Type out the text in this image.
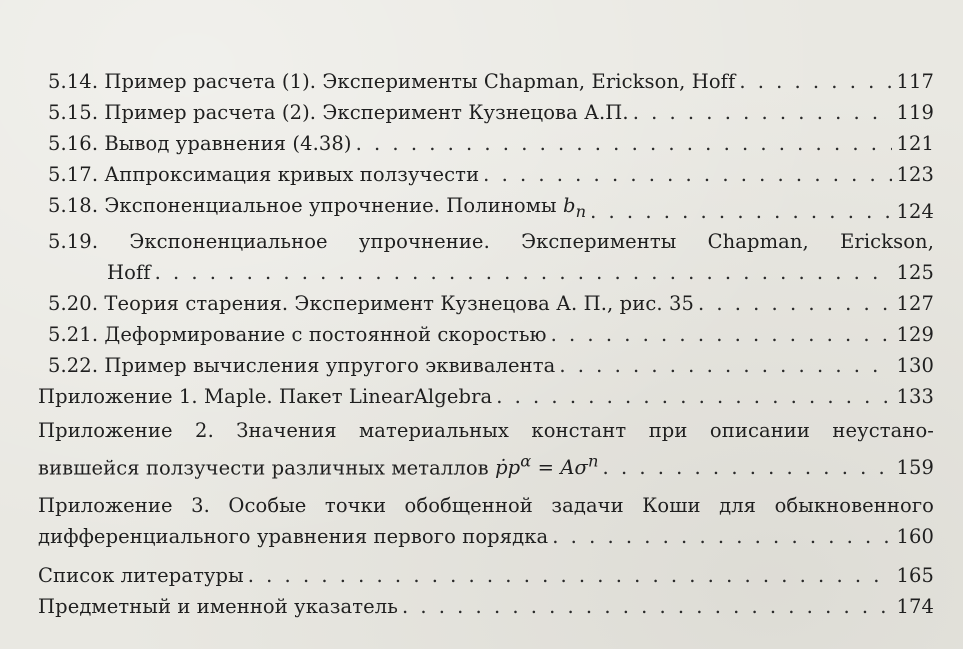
5.14. Пример расчета (1). Эксперименты Chapman, Erickson, Hoff . . .	117
5.15. Пример расчета (2). Эксперимент Кузнецова А.П. . . .	119
5.16. Вывод уравнения (4.38) . . .	121
5.17. Аппроксимация кривых ползучести . . .	123
5.18. Экспоненциальное упрочнение. Полиномы $b_n$ . . .	124
5.19. Экспоненциальное упрочнение. Эксперименты Chapman, Erickson,
Hoff . . .	125
5.20. Теория старения. Эксперимент Кузнецова А. П., рис. 35 . . .	127
5.21. Деформирование с постоянной скоростью . . .	129
5.22. Пример вычисления упругого эквивалента . . .	130
Приложение 1. Maple. Пакет LinearAlgebra . . .	133
Приложение 2. Значения материальных констант при описании неустано-
вившейся ползучести различных металлов ṗp$^\alpha$ = $A\sigma^n$ . . .	159
Приложение 3. Особые точки обобщенной задачи Коши для обыкновенного
дифференциального уравнения первого порядка . . .	160
Список литературы . . .	165
Предметный и именной указатель . . .	174
